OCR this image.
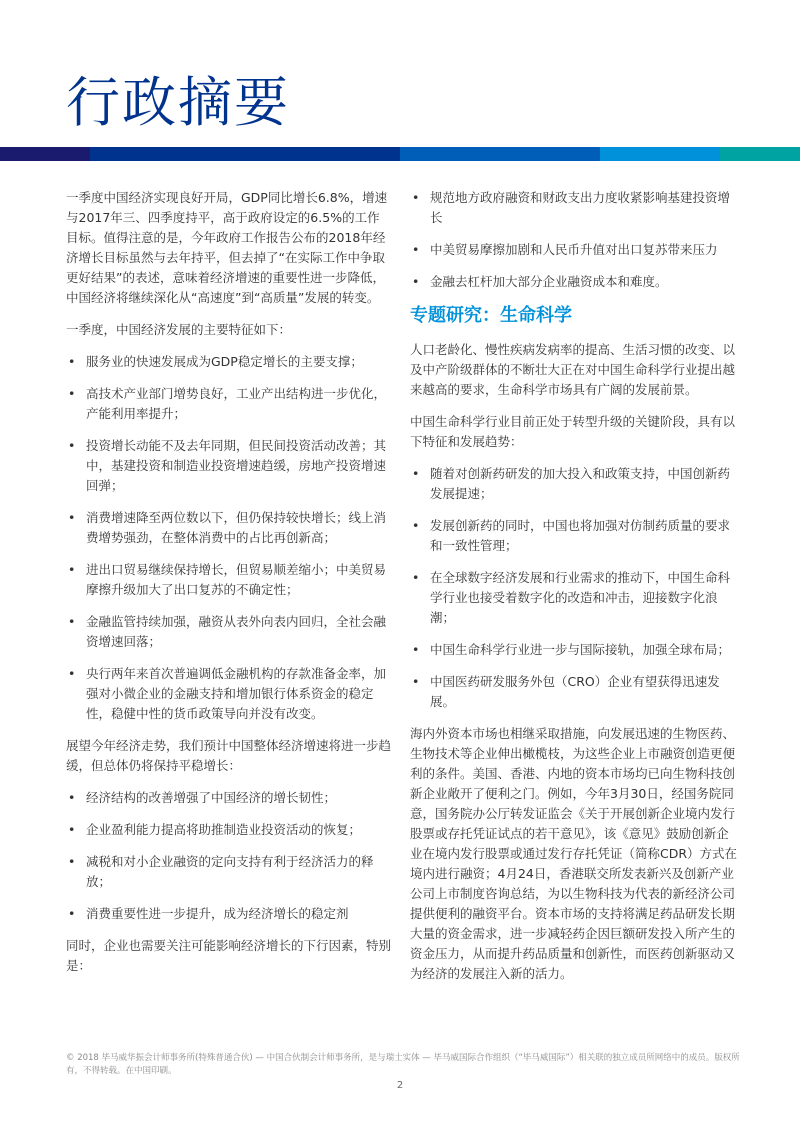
行政摘要

一季度中国经济实现良好开局，GDP同比增长6.8%，增速与2017年三、四季度持平，高于政府设定的6.5%的工作目标。值得注意的是，今年政府工作报告公布的2018年经济增长目标虽然与去年持平，但去掉了“在实际工作中争取更好结果”的表述，意味着经济增速的重要性进一步降低，中国经济将继续深化从“高速度”到“高质量”发展的转变。

一季度，中国经济发展的主要特征如下：

• 服务业的快速发展成为GDP稳定增长的主要支撑；
• 高技术产业部门增势良好，工业产出结构进一步优化，产能利用率提升；
• 投资增长动能不及去年同期，但民间投资活动改善；其中，基建投资和制造业投资增速趋缓，房地产投资增速回弹；
• 消费增速降至两位数以下，但仍保持较快增长；线上消费增势强劲，在整体消费中的占比再创新高；
• 进出口贸易继续保持增长，但贸易顺差缩小；中美贸易摩擦升级加大了出口复苏的不确定性；
• 金融监管持续加强，融资从表外向表内回归，全社会融资增速回落；
• 央行两年来首次普遍调低金融机构的存款准备金率，加强对小微企业的金融支持和增加银行体系资金的稳定性，稳健中性的货币政策导向并没有改变。

展望今年经济走势，我们预计中国整体经济增速将进一步趋缓，但总体仍将保持平稳增长：

• 经济结构的改善增强了中国经济的增长韧性；
• 企业盈利能力提高将助推制造业投资活动的恢复；
• 减税和对小企业融资的定向支持有利于经济活力的释放；
• 消费重要性进一步提升，成为经济增长的稳定剂

同时，企业也需要关注可能影响经济增长的下行因素，特别是：

• 规范地方政府融资和财政支出力度收紧影响基建投资增长
• 中美贸易摩擦加剧和人民币升值对出口复苏带来压力
• 金融去杠杆加大部分企业融资成本和难度。
专题研究：生命科学

人口老龄化、慢性疾病发病率的提高、生活习惯的改变、以及中产阶级群体的不断壮大正在对中国生命科学行业提出越来越高的要求，生命科学市场具有广阔的发展前景。

中国生命科学行业目前正处于转型升级的关键阶段，具有以下特征和发展趋势：

• 随着对创新药研发的加大投入和政策支持，中国创新药发展提速；
• 发展创新药的同时，中国也将加强对仿制药质量的要求和一致性管理；
• 在全球数字经济发展和行业需求的推动下，中国生命科学行业也接受着数字化的改造和冲击，迎接数字化浪潮；
• 中国生命科学行业进一步与国际接轨，加强全球布局；
• 中国医药研发服务外包（CRO）企业有望获得迅速发展。

海内外资本市场也相继采取措施，向发展迅速的生物医药、生物技术等企业伸出橄榄枝，为这些企业上市融资创造更便利的条件。美国、香港、内地的资本市场均已向生物科技创新企业敞开了便利之门。例如，今年3月30日，经国务院同意，国务院办公厅转发证监会《关于开展创新企业境内发行股票或存托凭证试点的若干意见》，该《意见》鼓励创新企业在境内发行股票或通过发行存托凭证（简称CDR）方式在境内进行融资；4月24日，香港联交所发表新兴及创新产业公司上市制度咨询总结，为以生物科技为代表的新经济公司提供便利的融资平台。资本市场的支持将满足药品研发长期大量的资金需求，进一步减轻药企因巨额研发投入所产生的资金压力，从而提升药品质量和创新性，而医药创新驱动又为经济的发展注入新的活力。

© 2018 毕马威华振会计师事务所(特殊普通合伙) — 中国合伙制会计师事务所，是与瑞士实体 — 毕马威国际合作组织（“毕马威国际”）相关联的独立成员所网络中的成员。版权所有，不得转载。在中国印刷。
2
